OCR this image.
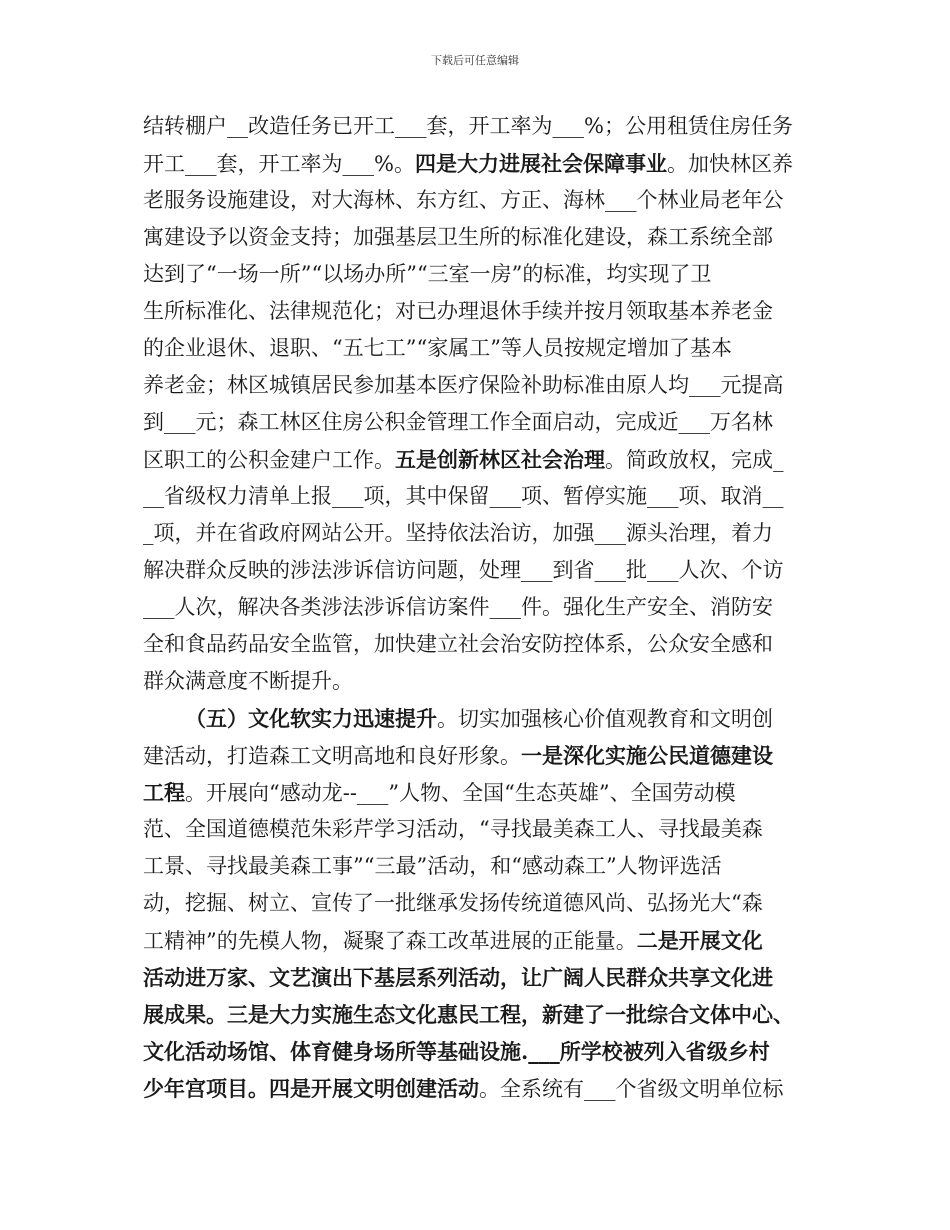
下载后可任意编辑
结转棚户__改造任务已开工___套，开工率为___%；公用租赁住房任务
开工___套，开工率为___%。四是大力进展社会保障事业。加快林区养
老服务设施建设，对大海林、东方红、方正、海林___个林业局老年公
寓建设予以资金支持；加强基层卫生所的标准化建设，森工系统全部
达到了“一场一所”“以场办所”“三室一房”的标准，均实现了卫
生所标准化、法律规范化；对已办理退休手续并按月领取基本养老金
的企业退休、退职、“五七工”“家属工”等人员按规定增加了基本
养老金；林区城镇居民参加基本医疗保险补助标准由原人均___元提高
到___元；森工林区住房公积金管理工作全面启动，完成近___万名林
区职工的公积金建户工作。五是创新林区社会治理。简政放权，完成_
__省级权力清单上报___项，其中保留___项、暂停实施___项、取消__
_项，并在省政府网站公开。坚持依法治访，加强___源头治理，着力
解决群众反映的涉法涉诉信访问题，处理___到省___批___人次、个访
___人次，解决各类涉法涉诉信访案件___件。强化生产安全、消防安
全和食品药品安全监管，加快建立社会治安防控体系，公众安全感和
群众满意度不断提升。
（五）文化软实力迅速提升。切实加强核心价值观教育和文明创
建活动，打造森工文明高地和良好形象。一是深化实施公民道德建设
工程。开展向“感动龙--___”人物、全国“生态英雄”、全国劳动模
范、全国道德模范朱彩芹学习活动，“寻找最美森工人、寻找最美森
工景、寻找最美森工事”“三最”活动，和“感动森工”人物评选活
动，挖掘、树立、宣传了一批继承发扬传统道德风尚、弘扬光大“森
工精神”的先模人物，凝聚了森工改革进展的正能量。二是开展文化
活动进万家、文艺演出下基层系列活动，让广阔人民群众共享文化进
展成果。三是大力实施生态文化惠民工程，新建了一批综合文体中心、
文化活动场馆、体育健身场所等基础设施.___所学校被列入省级乡村
少年宫项目。四是开展文明创建活动。全系统有___个省级文明单位标
